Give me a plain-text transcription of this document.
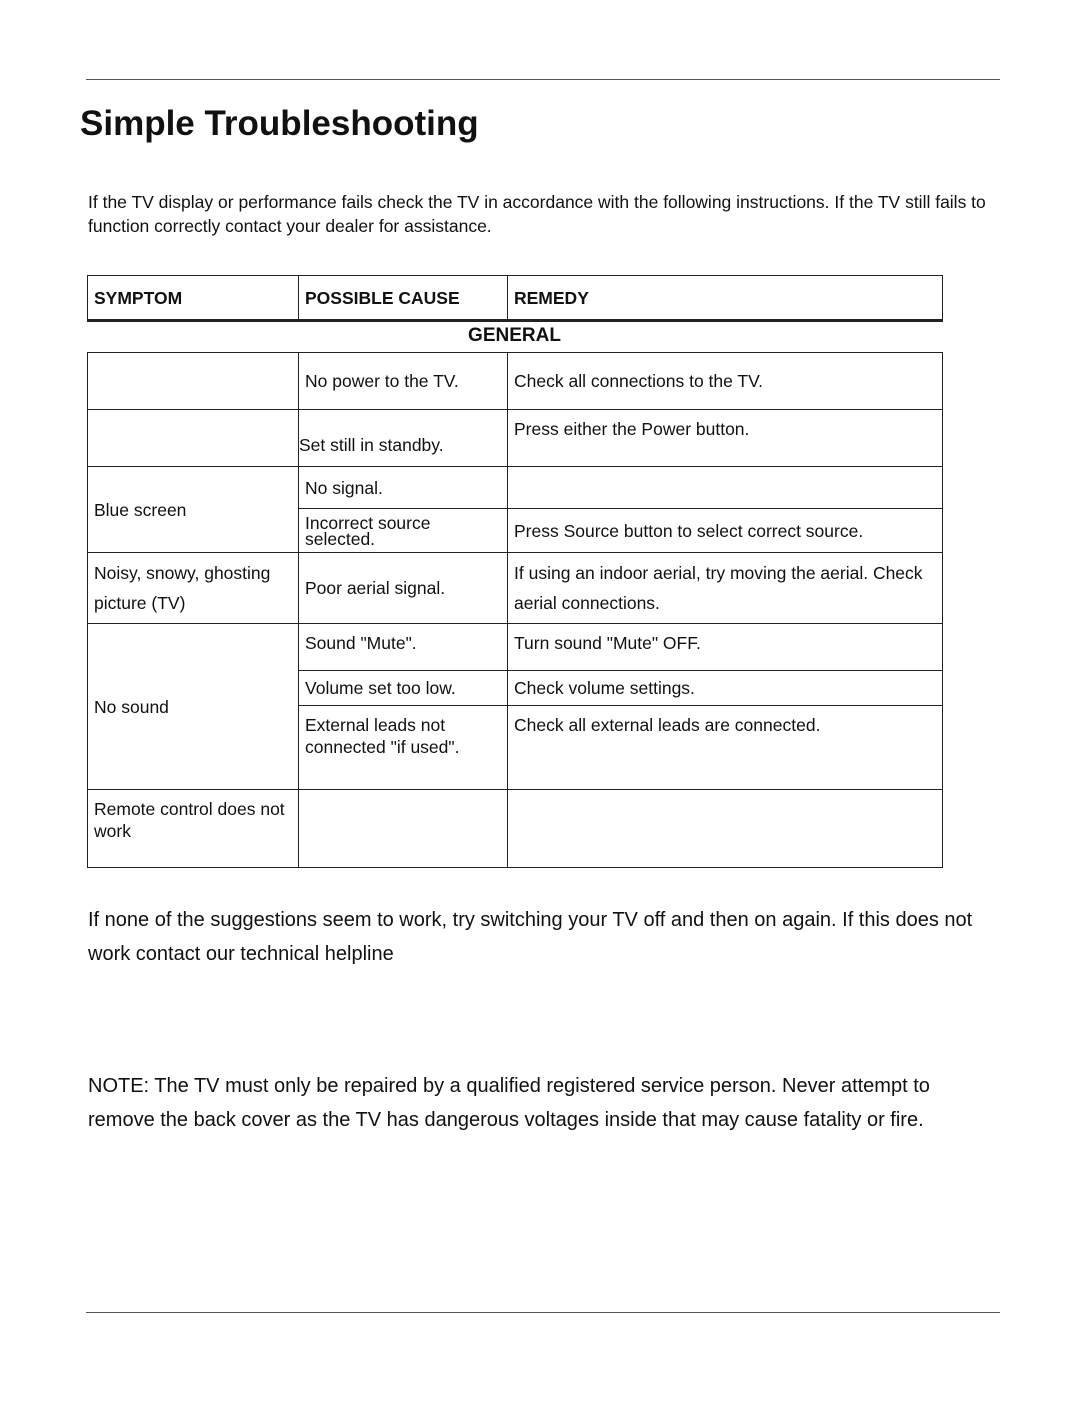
Simple Troubleshooting

If the TV display or performance fails check the TV in accordance with the following instructions. If the TV still fails to function correctly contact your dealer for assistance.

SYMPTOM	POSSIBLE CAUSE	REMEDY
GENERAL
	No power to the TV.	Check all connections to the TV.
	Set still in standby.	Press either the Power button.
Blue screen	No signal.	
	Incorrect source selected.	Press Source button to select correct source.
Noisy, snowy, ghosting picture (TV)	Poor aerial signal.	If using an indoor aerial, try moving the aerial. Check aerial connections.
No sound	Sound "Mute".	Turn sound "Mute" OFF.
	Volume set too low.	Check volume settings.
	External leads not connected "if used".	Check all external leads are connected.
Remote control does not work		

If none of the suggestions seem to work, try switching your TV off and then on again. If this does not work contact our technical helpline

NOTE: The TV must only be repaired by a qualified registered service person. Never attempt to remove the back cover as the TV has dangerous voltages inside that may cause fatality or fire.
